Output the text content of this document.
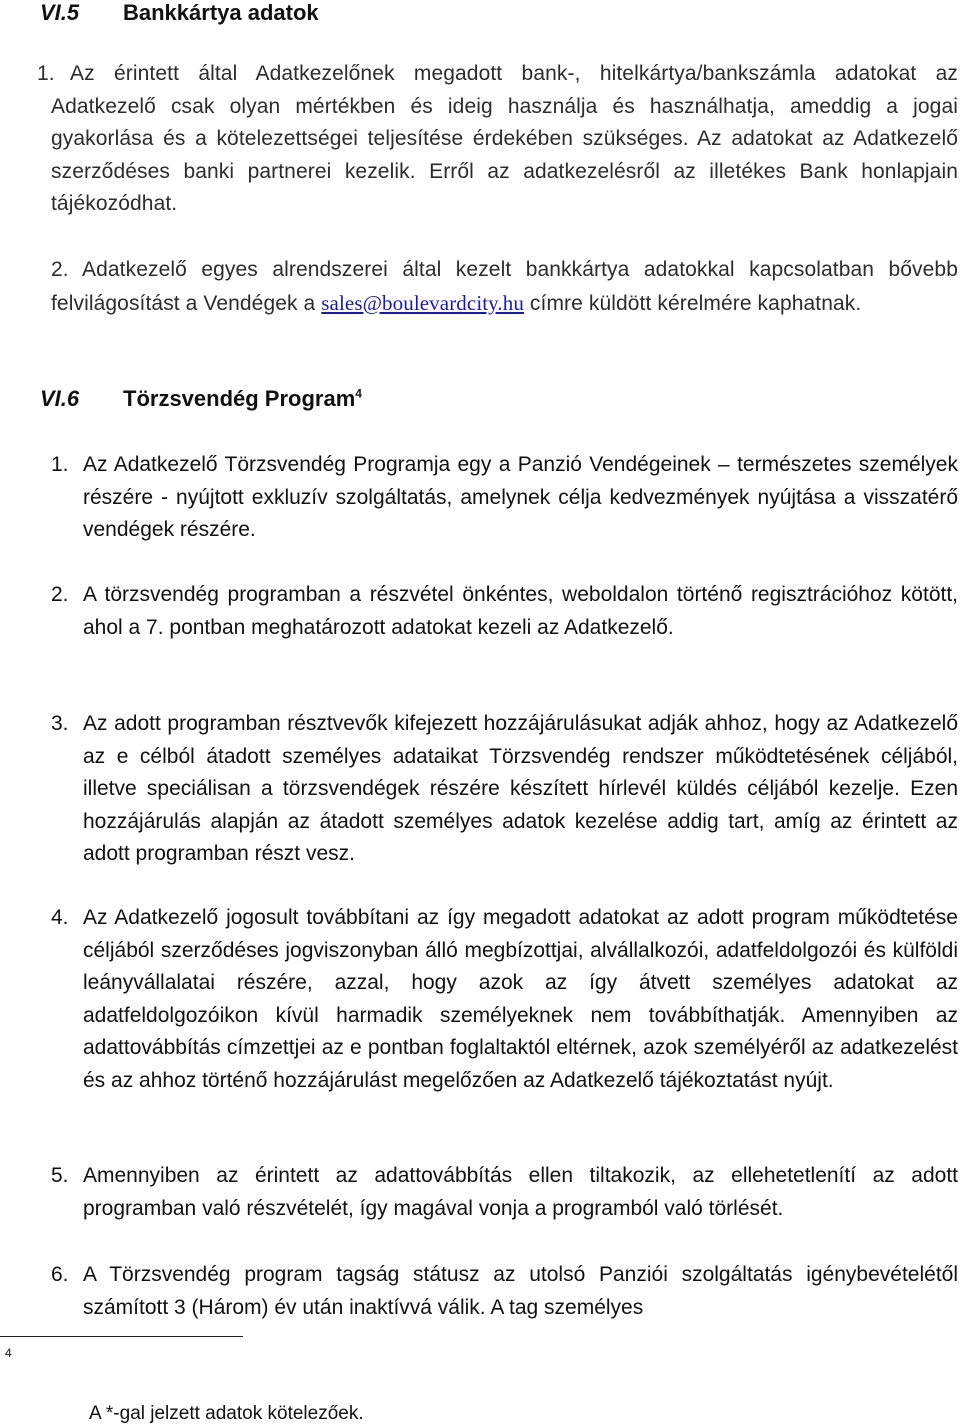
VI.5 Bankkártya adatok
1. Az érintett által Adatkezelőnek megadott bank-, hitelkártya/bankszámla adatokat az Adatkezelő csak olyan mértékben és ideig használja és használhatja, ameddig a jogai gyakorlása és a kötelezettségei teljesítése érdekében szükséges. Az adatokat az Adatkezelő szerződéses banki partnerei kezelik. Erről az adatkezelésről az illetékes Bank honlapjain tájékozódhat.
2. Adatkezelő egyes alrendszerei által kezelt bankkártya adatokkal kapcsolatban bővebb felvilágosítást a Vendégek a sales@boulevardcity.hu címre küldött kérelmére kaphatnak.
VI.6 Törzsvendég Program$^4$
1. Az Adatkezelő Törzsvendég Programja egy a Panzió Vendégeinek – természetes személyek részére - nyújtott exkluzív szolgáltatás, amelynek célja kedvezmények nyújtása a visszatérő vendégek részére.
2. A törzsvendég programban a részvétel önkéntes, weboldalon történő regisztrációhoz kötött, ahol a 7. pontban meghatározott adatokat kezeli az Adatkezelő.
3. Az adott programban résztvevők kifejezett hozzájárulásukat adják ahhoz, hogy az Adatkezelő az e célból átadott személyes adataikat Törzsvendég rendszer működtetésének céljából, illetve speciálisan a törzsvendégek részére készített hírlevél küldés céljából kezelje. Ezen hozzájárulás alapján az átadott személyes adatok kezelése addig tart, amíg az érintett az adott programban részt vesz.
4. Az Adatkezelő jogosult továbbítani az így megadott adatokat az adott program működtetése céljából szerződéses jogviszonyban álló megbízottjai, alvállalkozói, adatfeldolgozói és külföldi leányvállalatai részére, azzal, hogy azok az így átvett személyes adatokat az adatfeldolgozóikon kívül harmadik személyeknek nem továbbíthatják. Amennyiben az adattovábbítás címzettjei az e pontban foglaltaktól eltérnek, azok személyéről az adatkezelést és az ahhoz történő hozzájárulást megelőzően az Adatkezelő tájékoztatást nyújt.
5. Amennyiben az érintett az adattovábbítás ellen tiltakozik, az ellehetetlenítí az adott programban való részvételét, így magával vonja a programból való törlését.
6. A Törzsvendég program tagság státusz az utolsó Panziói szolgáltatás igénybevételétől számított 3 (Három) év után inaktívvá válik. A tag személyes
4
A *-gal jelzett adatok kötelezőek.
